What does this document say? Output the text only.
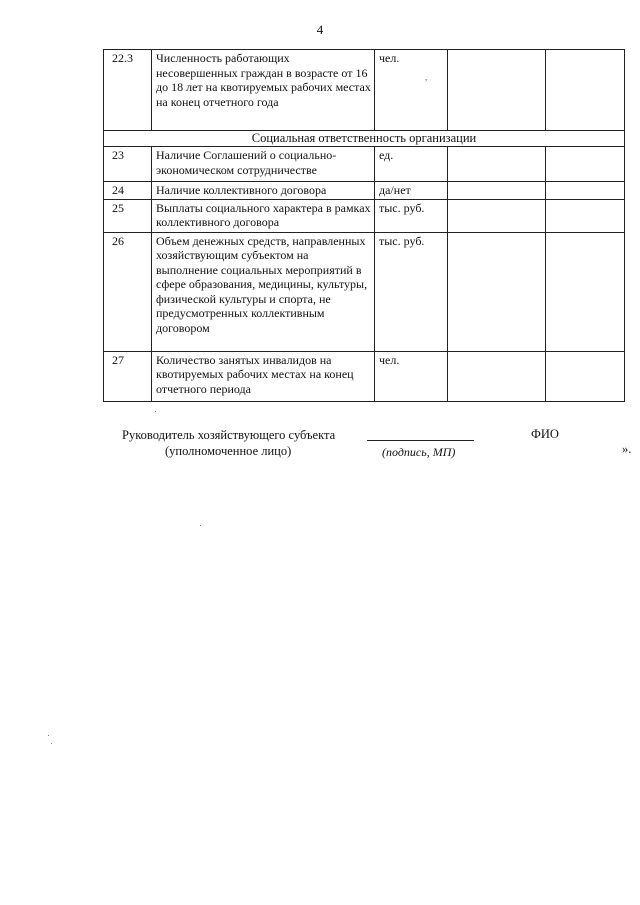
4
22.3	Численность работающих несовершенных граждан в возрасте от 16 до 18 лет на квотируемых рабочих местах на конец отчетного года	чел.
,		

Социальная ответственность организации				
23	Наличие Соглашений о социально-экономическом сотрудничестве	ед.		
24	Наличие коллективного договора	да/нет		
25	Выплаты социального характера в рамках коллективного договора	тыс. руб.		
26	Объем денежных средств, направленных хозяйствующим субъектом на выполнение социальных мероприятий в сфере образования, медицины, культуры, физической культуры и спорта, не предусмотренных коллективным договором	тыс. руб.		
27	Количество занятых инвалидов на квотируемых рабочих местах на конец отчетного периода	чел.		
Руководитель хозяйствующего субъекта
(уполномоченное лицо)	(подпись, МП)
ФИО
».
